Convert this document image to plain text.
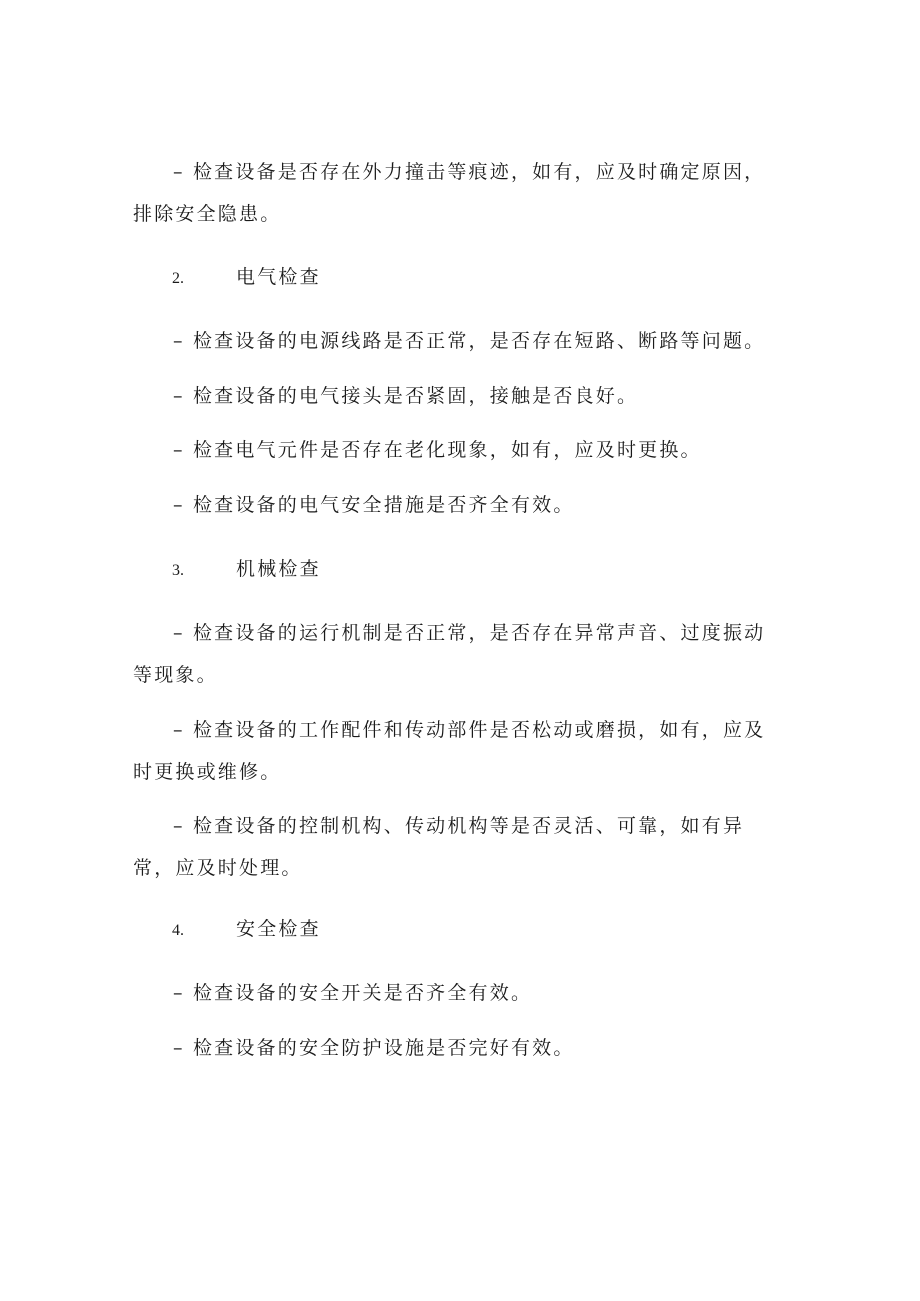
– 检查设备是否存在外力撞击等痕迹，如有，应及时确定原因，排除安全隐患。

2.	电气检查

– 检查设备的电源线路是否正常，是否存在短路、断路等问题。

– 检查设备的电气接头是否紧固，接触是否良好。

– 检查电气元件是否存在老化现象，如有，应及时更换。

– 检查设备的电气安全措施是否齐全有效。

3.	机械检查

– 检查设备的运行机制是否正常，是否存在异常声音、过度振动等现象。

– 检查设备的工作配件和传动部件是否松动或磨损，如有，应及时更换或维修。

– 检查设备的控制机构、传动机构等是否灵活、可靠，如有异常，应及时处理。

4.	安全检查

– 检查设备的安全开关是否齐全有效。

– 检查设备的安全防护设施是否完好有效。
